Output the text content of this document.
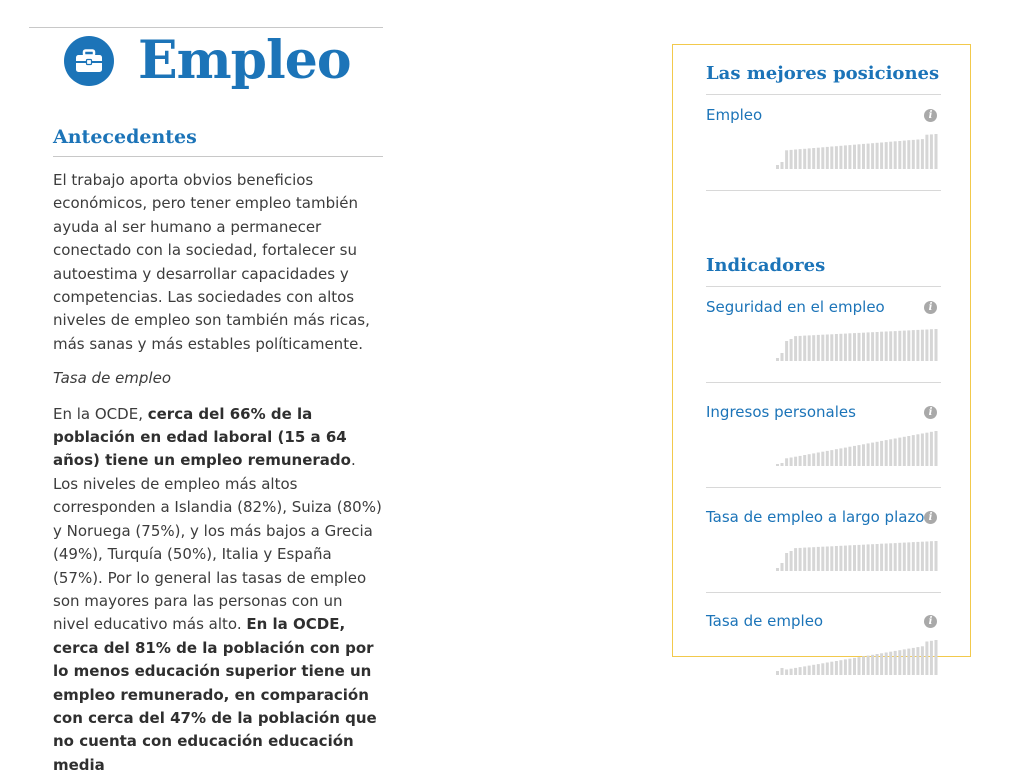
Empleo
Antecedentes

El trabajo aporta obvios beneficios económicos, pero tener empleo también ayuda al ser humano a permanecer conectado con la sociedad, fortalecer su autoestima y desarrollar capacidades y competencias. Las sociedades con altos niveles de empleo son también más ricas, más sanas y más estables políticamente.

Tasa de empleo

En la OCDE, cerca del 66% de la población en edad laboral (15 a 64 años) tiene un empleo remunerado. Los niveles de empleo más altos corresponden a Islandia (82%), Suiza (80%) y Noruega (75%), y los más bajos a Grecia (49%), Turquía (50%), Italia y España (57%). Por lo general las tasas de empleo son mayores para las personas con un nivel educativo más alto. En la OCDE, cerca del 81% de la población con por lo menos educación superior tiene un empleo remunerado, en comparación con cerca del 47% de la población que no cuenta con educación educación media

Las mejores posiciones
Empleo	i
Indicadores
Seguridad en el empleo	i
Ingresos personales	i
Tasa de empleo a largo plazo i
Tasa de empleo	i
